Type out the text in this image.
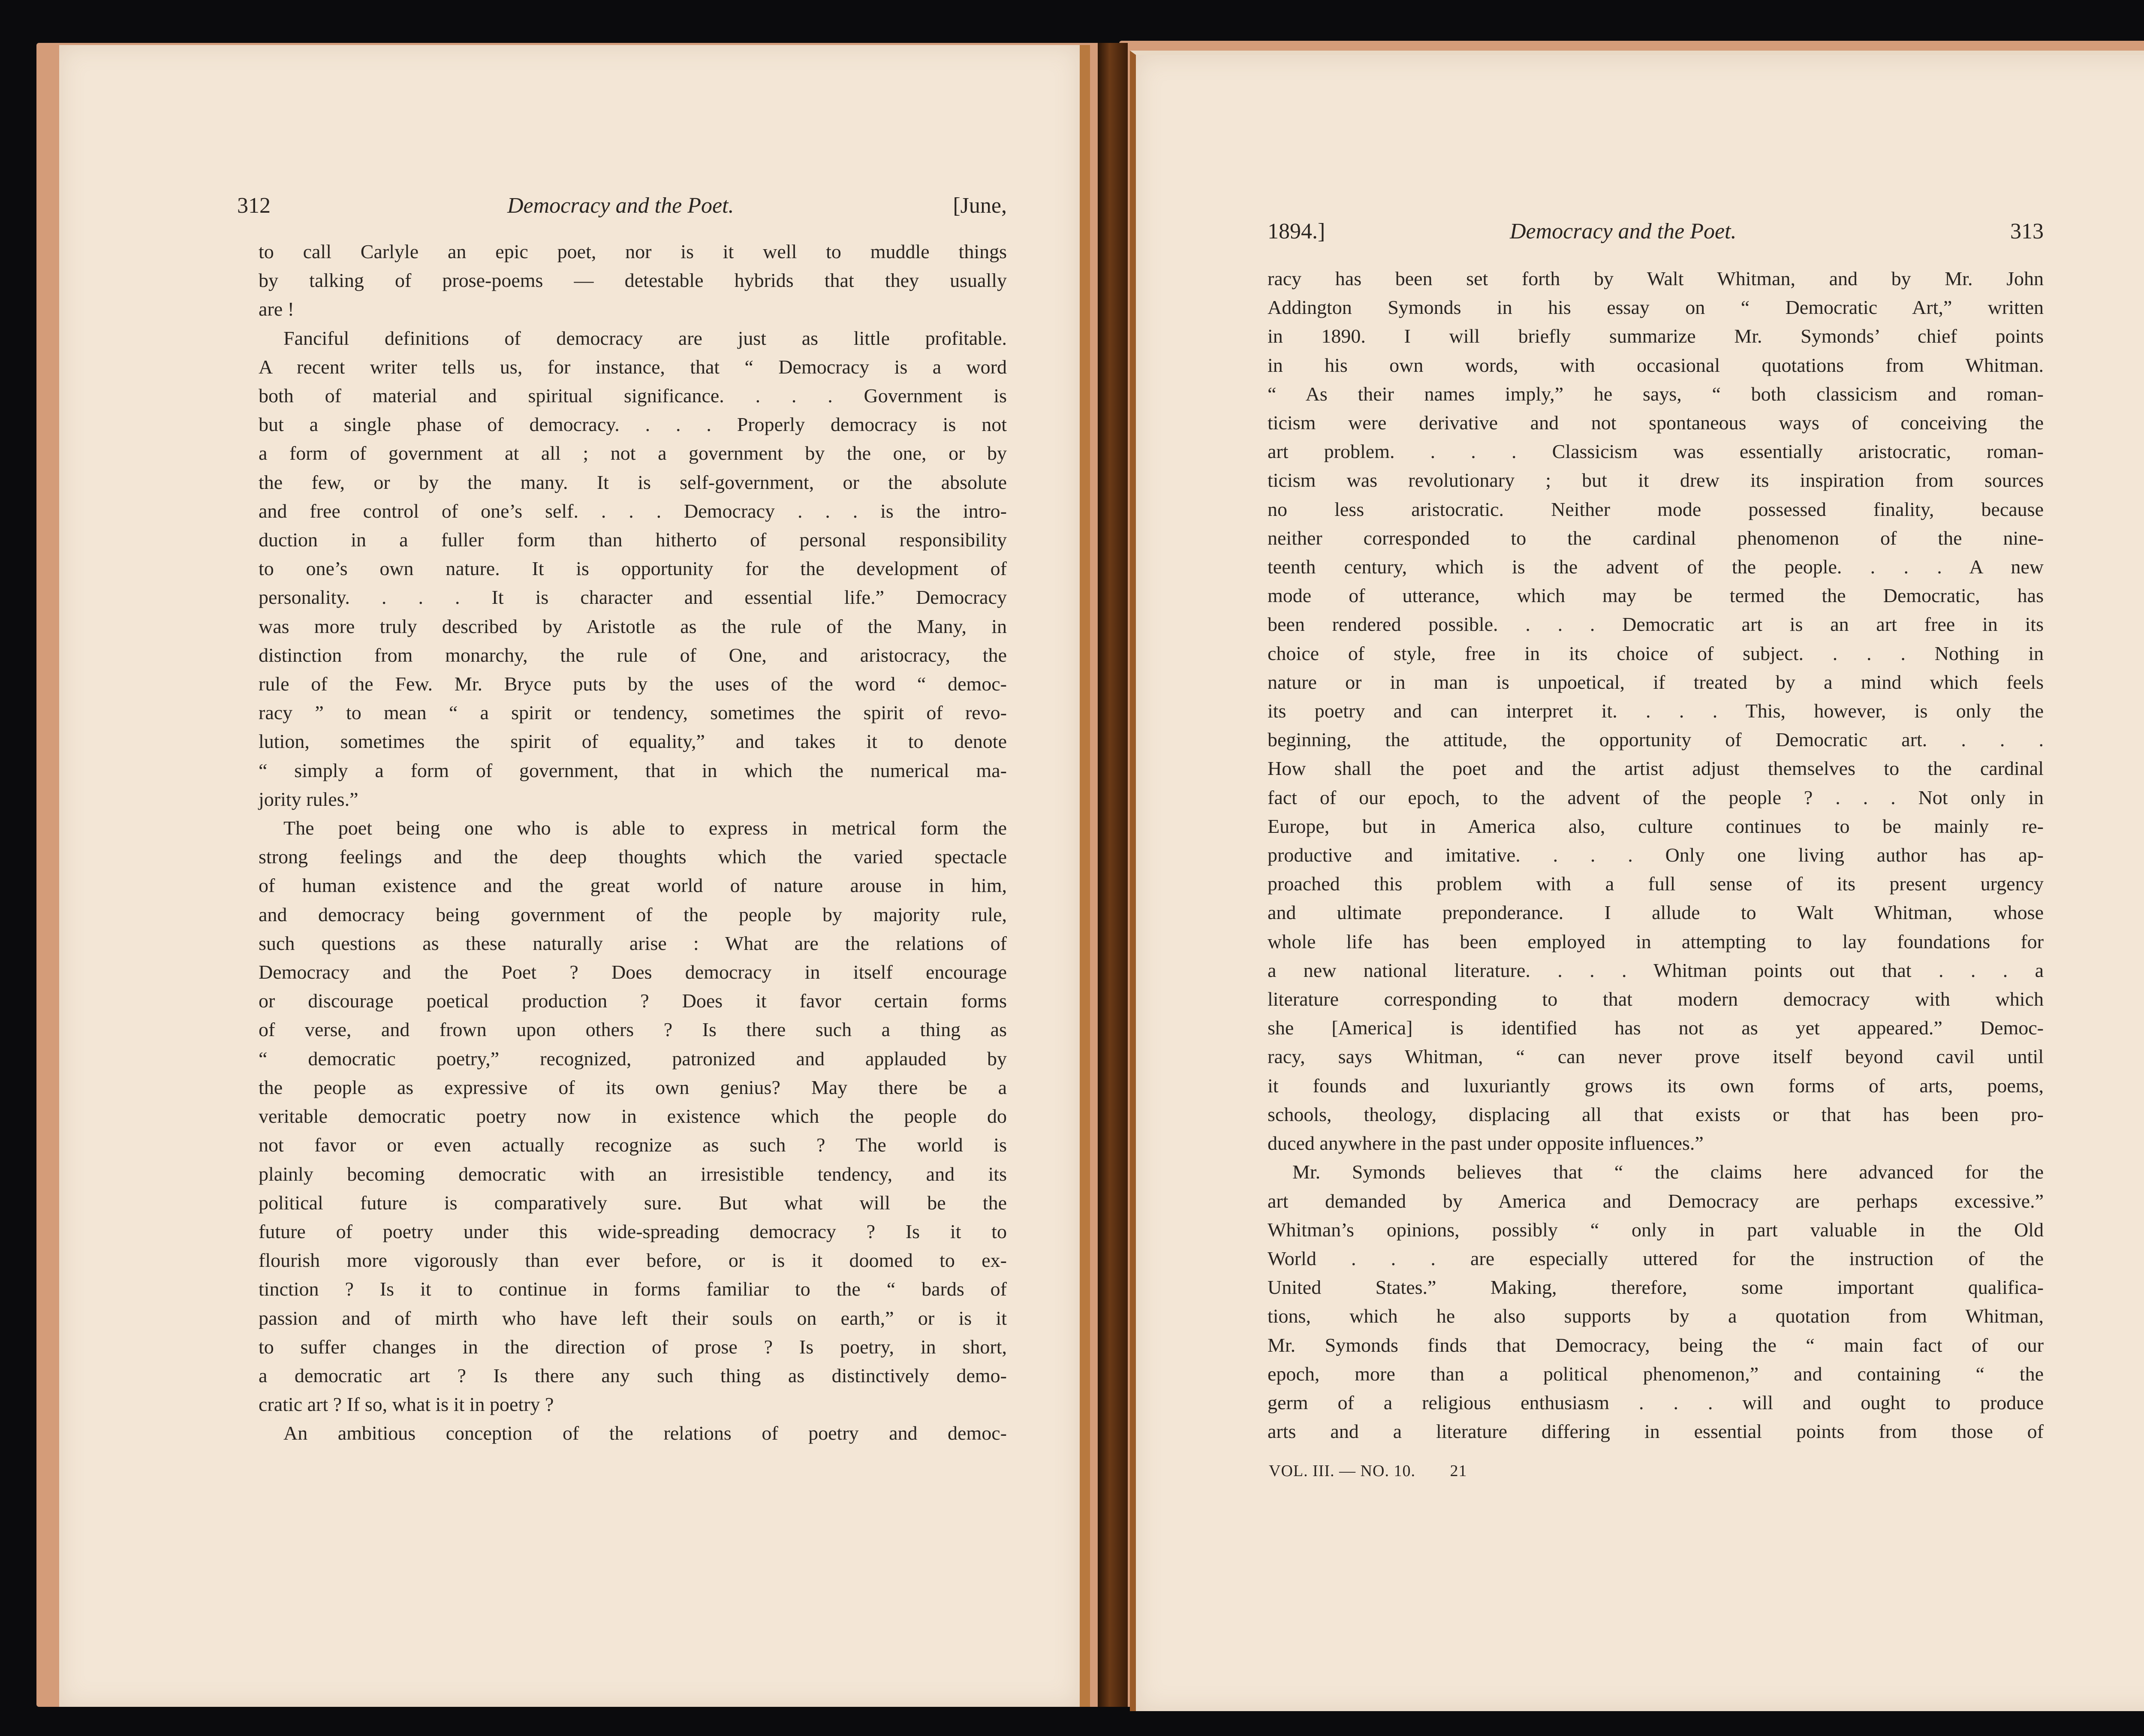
312	Democracy and the Poet.	[June,
to call Carlyle an epic poet, nor is it well to muddle things
by talking of prose-poems — detestable hybrids that they usually
are !
Fanciful definitions of democracy are just as little profitable.
A recent writer tells us, for instance, that “ Democracy is a word
both of material and spiritual significance. . . . Government is
but a single phase of democracy. . . . Properly democracy is not
a form of government at all ; not a government by the one, or by
the few, or by the many. It is self-government, or the absolute
and free control of one’s self. . . . Democracy . . . is the intro-
duction in a fuller form than hitherto of personal responsibility
to one’s own nature. It is opportunity for the development of
personality. . . . It is character and essential life.” Democracy
was more truly described by Aristotle as the rule of the Many, in
distinction from monarchy, the rule of One, and aristocracy, the
rule of the Few. Mr. Bryce puts by the uses of the word “ democ-
racy ” to mean “ a spirit or tendency, sometimes the spirit of revo-
lution, sometimes the spirit of equality,” and takes it to denote
“ simply a form of government, that in which the numerical ma-
jority rules.”
The poet being one who is able to express in metrical form the
strong feelings and the deep thoughts which the varied spectacle
of human existence and the great world of nature arouse in him,
and democracy being government of the people by majority rule,
such questions as these naturally arise : What are the relations of
Democracy and the Poet ? Does democracy in itself encourage
or discourage poetical production ? Does it favor certain forms
of verse, and frown upon others ? Is there such a thing as
“ democratic poetry,” recognized, patronized and applauded by
the people as expressive of its own genius? May there be a
veritable democratic poetry now in existence which the people do
not favor or even actually recognize as such ? The world is
plainly becoming democratic with an irresistible tendency, and its
political future is comparatively sure. But what will be the
future of poetry under this wide-spreading democracy ? Is it to
flourish more vigorously than ever before, or is it doomed to ex-
tinction ? Is it to continue in forms familiar to the “ bards of
passion and of mirth who have left their souls on earth,” or is it
to suffer changes in the direction of prose ? Is poetry, in short,
a democratic art ? Is there any such thing as distinctively demo-
cratic art ? If so, what is it in poetry ?
An ambitious conception of the relations of poetry and democ-
1894.]	Democracy and the Poet.	313
racy has been set forth by Walt Whitman, and by Mr. John
Addington Symonds in his essay on “ Democratic Art,” written
in 1890. I will briefly summarize Mr. Symonds’ chief points
in his own words, with occasional quotations from Whitman.
“ As their names imply,” he says, “ both classicism and roman-
ticism were derivative and not spontaneous ways of conceiving the
art problem. . . . Classicism was essentially aristocratic, roman-
ticism was revolutionary ; but it drew its inspiration from sources
no less aristocratic. Neither mode possessed finality, because
neither corresponded to the cardinal phenomenon of the nine-
teenth century, which is the advent of the people. . . . A new
mode of utterance, which may be termed the Democratic, has
been rendered possible. . . . Democratic art is an art free in its
choice of style, free in its choice of subject. . . . Nothing in
nature or in man is unpoetical, if treated by a mind which feels
its poetry and can interpret it. . . . This, however, is only the
beginning, the attitude, the opportunity of Democratic art. . . .
How shall the poet and the artist adjust themselves to the cardinal
fact of our epoch, to the advent of the people ? . . . Not only in
Europe, but in America also, culture continues to be mainly re-
productive and imitative. . . . Only one living author has ap-
proached this problem with a full sense of its present urgency
and ultimate preponderance. I allude to Walt Whitman, whose
whole life has been employed in attempting to lay foundations for
a new national literature. . . . Whitman points out that . . . a
literature corresponding to that modern democracy with which
she [America] is identified has not as yet appeared.” Democ-
racy, says Whitman, “ can never prove itself beyond cavil until
it founds and luxuriantly grows its own forms of arts, poems,
schools, theology, displacing all that exists or that has been pro-
duced anywhere in the past under opposite influences.”
Mr. Symonds believes that “ the claims here advanced for the
art demanded by America and Democracy are perhaps excessive.”
Whitman’s opinions, possibly “ only in part valuable in the Old
World . . . are especially uttered for the instruction of the
United States.” Making, therefore, some important qualifica-
tions, which he also supports by a quotation from Whitman,
Mr. Symonds finds that Democracy, being the “ main fact of our
epoch, more than a political phenomenon,” and containing “ the
germ of a religious enthusiasm . . . will and ought to produce
arts and a literature differing in essential points from those of
VOL. III. — NO. 10. 21
